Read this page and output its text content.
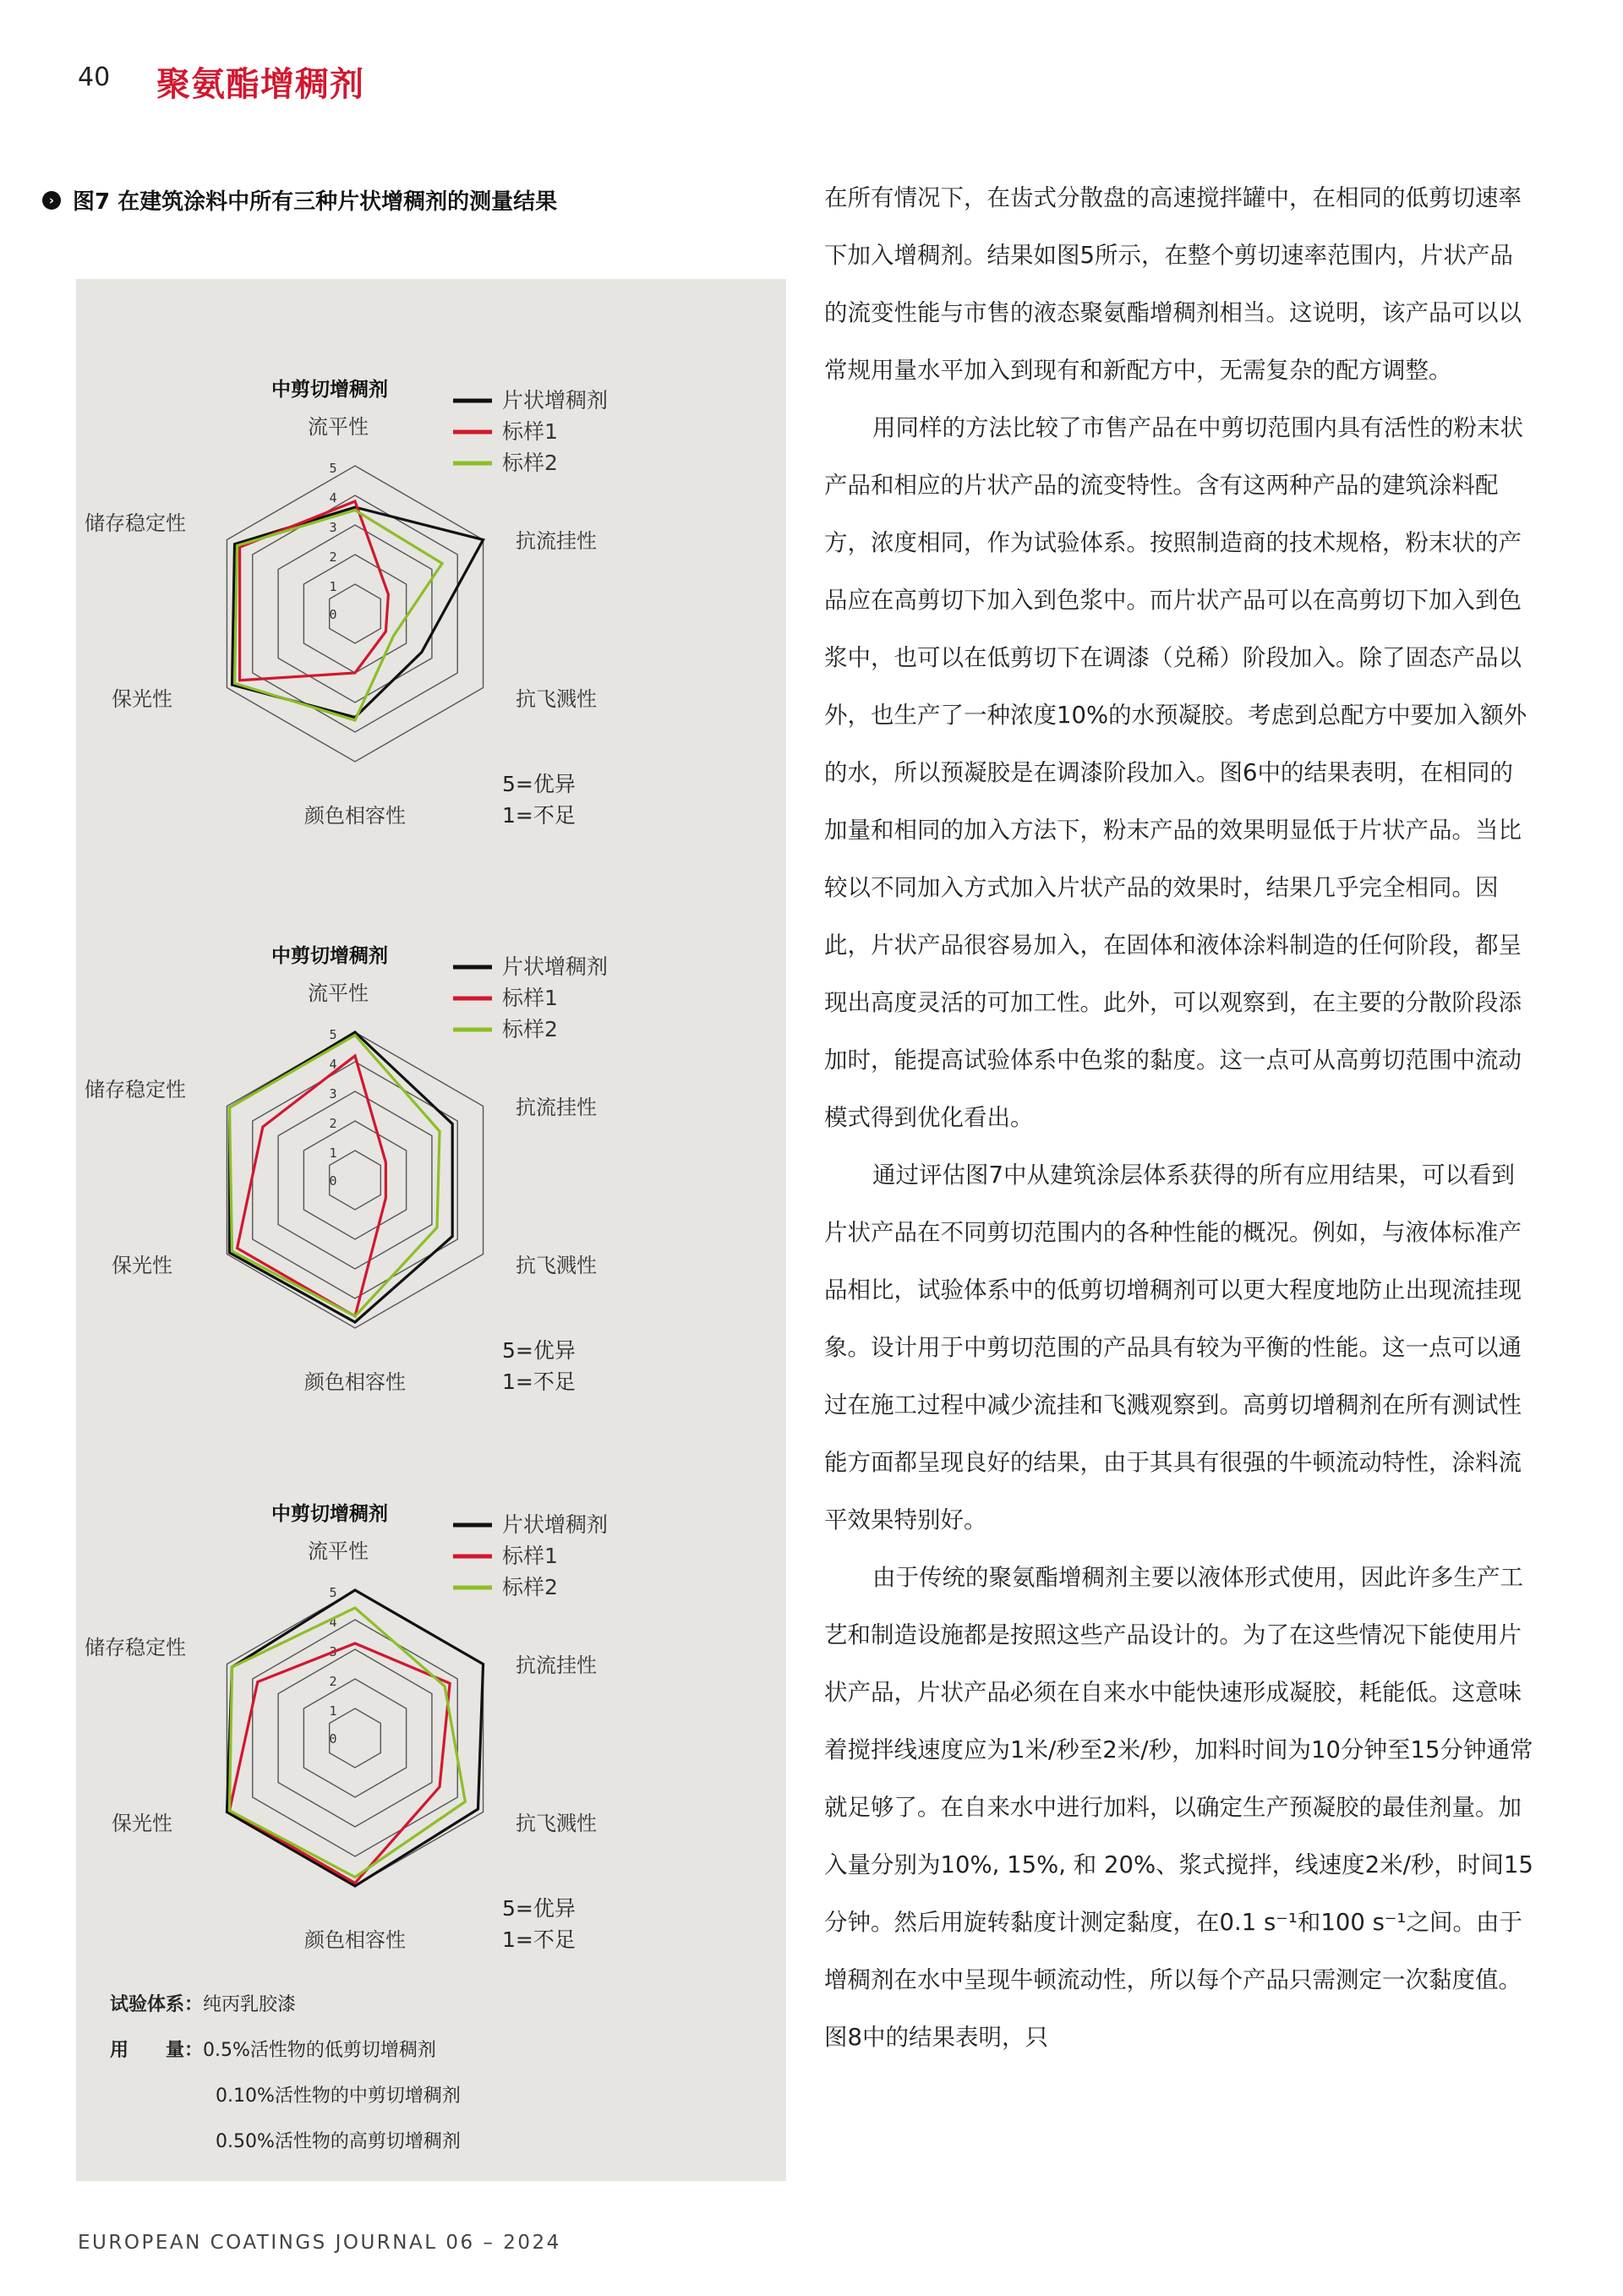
40 聚氨酯增稠剂
› 图7 在建筑涂料中所有三种片状增稠剂的测量结果
中剪切增稠剂
0
1
2
3
4
5
流平性
抗流挂性
抗飞溅性
颜色相容性
保光性
储存稳定性
片状增稠剂
标样1
标样2
5=优异
1=不足
中剪切增稠剂
0
1
2
3
4
5
流平性
抗流挂性
抗飞溅性
颜色相容性
保光性
储存稳定性
片状增稠剂
标样1
标样2
5=优异
1=不足
中剪切增稠剂
0
1
2
3
4
5
流平性
抗流挂性
抗飞溅性
颜色相容性
保光性
储存稳定性
片状增稠剂
标样1
标样2
5=优异
1=不足
试验体系：纯丙乳胶漆
用　　量：0.5%活性物的低剪切增稠剂
0.10%活性物的中剪切增稠剂
0.50%活性物的高剪切增稠剂

在所有情况下，在齿式分散盘的高速搅拌罐中，在相同的低剪切速率下加入增稠剂。结果如图5所示，在整个剪切速率范围内，片状产品的流变性能与市售的液态聚氨酯增稠剂相当。这说明，该产品可以以常规用量水平加入到现有和新配方中，无需复杂的配方调整。

用同样的方法比较了市售产品在中剪切范围内具有活性的粉末状产品和相应的片状产品的流变特性。含有这两种产品的建筑涂料配方，浓度相同，作为试验体系。按照制造商的技术规格，粉末状的产品应在高剪切下加入到色浆中。而片状产品可以在高剪切下加入到色浆中，也可以在低剪切下在调漆（兑稀）阶段加入。除了固态产品以外，也生产了一种浓度10%的水预凝胶。考虑到总配方中要加入额外的水，所以预凝胶是在调漆阶段加入。图6中的结果表明，在相同的加量和相同的加入方法下，粉末产品的效果明显低于片状产品。当比较以不同加入方式加入片状产品的效果时，结果几乎完全相同。因此，片状产品很容易加入，在固体和液体涂料制造的任何阶段，都呈现出高度灵活的可加工性。此外，可以观察到，在主要的分散阶段添加时，能提高试验体系中色浆的黏度。这一点可从高剪切范围中流动模式得到优化看出。

通过评估图7中从建筑涂层体系获得的所有应用结果，可以看到片状产品在不同剪切范围内的各种性能的概况。例如，与液体标准产品相比，试验体系中的低剪切增稠剂可以更大程度地防止出现流挂现象。设计用于中剪切范围的产品具有较为平衡的性能。这一点可以通过在施工过程中减少流挂和飞溅观察到。高剪切增稠剂在所有测试性能方面都呈现良好的结果，由于其具有很强的牛顿流动特性，涂料流平效果特别好。

由于传统的聚氨酯增稠剂主要以液体形式使用，因此许多生产工艺和制造设施都是按照这些产品设计的。为了在这些情况下能使用片状产品，片状产品必须在自来水中能快速形成凝胶，耗能低。这意味着搅拌线速度应为1米/秒至2米/秒，加料时间为10分钟至15分钟通常就足够了。在自来水中进行加料，以确定生产预凝胶的最佳剂量。加入量分别为10%, 15%, 和 20%、浆式搅拌，线速度2米/秒，时间15分钟。然后用旋转黏度计测定黏度，在0.1 s⁻¹和100 s⁻¹之间。由于增稠剂在水中呈现牛顿流动性，所以每个产品只需测定一次黏度值。图8中的结果表明，只

EUROPEAN COATINGS JOURNAL 06 – 2024
